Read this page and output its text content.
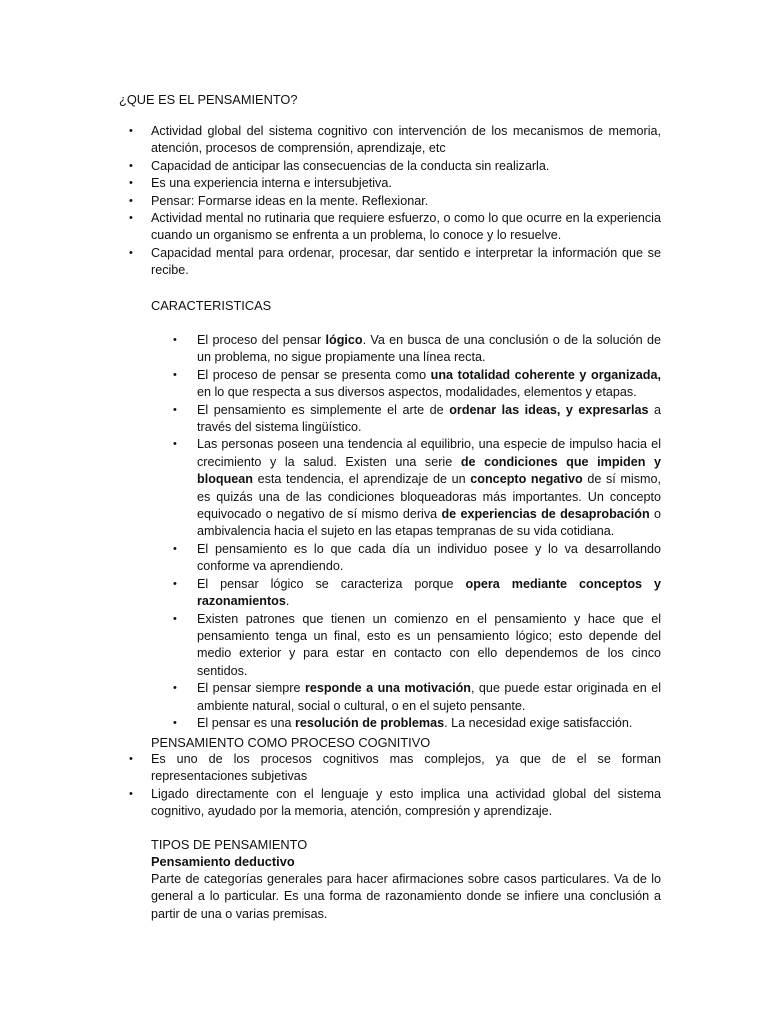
¿QUE ES EL PENSAMIENTO?
• Actividad global del sistema cognitivo con intervención de los mecanismos de memoria, atención, procesos de comprensión, aprendizaje, etc
• Capacidad de anticipar las consecuencias de la conducta sin realizarla.
• Es una experiencia interna e intersubjetiva.
• Pensar: Formarse ideas en la mente. Reflexionar.
• Actividad mental no rutinaria que requiere esfuerzo, o como lo que ocurre en la experiencia cuando un organismo se enfrenta a un problema, lo conoce y lo resuelve.
• Capacidad mental para ordenar, procesar, dar sentido e interpretar la información que se recibe.
CARACTERISTICAS
• El proceso del pensar lógico. Va en busca de una conclusión o de la solución de un problema, no sigue propiamente una línea recta.
• El proceso de pensar se presenta como una totalidad coherente y organizada, en lo que respecta a sus diversos aspectos, modalidades, elementos y etapas.
• El pensamiento es simplemente el arte de ordenar las ideas, y expresarlas a través del sistema lingüístico.
• Las personas poseen una tendencia al equilibrio, una especie de impulso hacia el crecimiento y la salud. Existen una serie de condiciones que impiden y bloquean esta tendencia, el aprendizaje de un concepto negativo de sí mismo, es quizás una de las condiciones bloqueadoras más importantes. Un concepto equivocado o negativo de sí mismo deriva de experiencias de desaprobación o ambivalencia hacia el sujeto en las etapas tempranas de su vida cotidiana.
• El pensamiento es lo que cada día un individuo posee y lo va desarrollando conforme va aprendiendo.
• El pensar lógico se caracteriza porque opera mediante conceptos y razonamientos.
• Existen patrones que tienen un comienzo en el pensamiento y hace que el pensamiento tenga un final, esto es un pensamiento lógico; esto depende del medio exterior y para estar en contacto con ello dependemos de los cinco sentidos.
• El pensar siempre responde a una motivación, que puede estar originada en el ambiente natural, social o cultural, o en el sujeto pensante.
• El pensar es una resolución de problemas. La necesidad exige satisfacción.
PENSAMIENTO COMO PROCESO COGNITIVO
• Es uno de los procesos cognitivos mas complejos, ya que de el se forman representaciones subjetivas
• Ligado directamente con el lenguaje y esto implica una actividad global del sistema cognitivo, ayudado por la memoria, atención, compresión y aprendizaje.
TIPOS DE PENSAMIENTO
Pensamiento deductivo

Parte de categorías generales para hacer afirmaciones sobre casos particulares. Va de lo general a lo particular. Es una forma de razonamiento donde se infiere una conclusión a partir de una o varias premisas.
